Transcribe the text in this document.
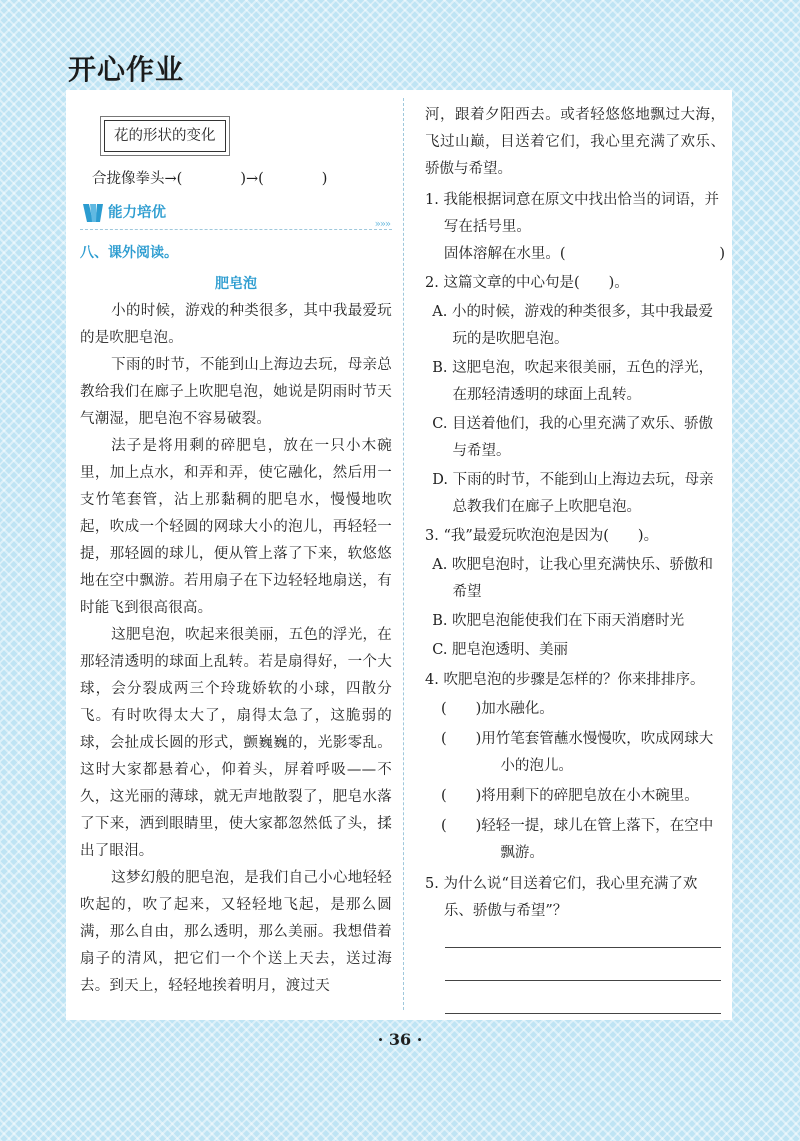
开心作业
花的形状的变化
合拢像拳头→(	)→(	)
能力培优
»»»
八、课外阅读。
肥皂泡

小的时候，游戏的种类很多，其中我最爱玩的是吹肥皂泡。

下雨的时节，不能到山上海边去玩，母亲总教给我们在廊子上吹肥皂泡，她说是阴雨时节天气潮湿，肥皂泡不容易破裂。

法子是将用剩的碎肥皂，放在一只小木碗里，加上点水，和弄和弄，使它融化，然后用一支竹笔套管，沾上那黏稠的肥皂水，慢慢地吹起，吹成一个轻圆的网球大小的泡儿，再轻轻一提，那轻圆的球儿，便从管上落了下来，软悠悠地在空中飘游。若用扇子在下边轻轻地扇送，有时能飞到很高很高。

这肥皂泡，吹起来很美丽，五色的浮光，在那轻清透明的球面上乱转。若是扇得好，一个大球，会分裂成两三个玲珑娇软的小球，四散分飞。有时吹得太大了，扇得太急了，这脆弱的球，会扯成长圆的形式，颤巍巍的，光影零乱。这时大家都悬着心，仰着头，屏着呼吸——不久，这光丽的薄球，就无声地散裂了，肥皂水落了下来，洒到眼睛里，使大家都忽然低了头，揉出了眼泪。

这梦幻般的肥皂泡，是我们自己小心地轻轻吹起的，吹了起来，又轻轻地飞起，是那么圆满，那么自由，那么透明，那么美丽。我想借着扇子的清风，把它们一个个送上天去，送过海去。到天上，轻轻地挨着明月，渡过天

河，跟着夕阳西去。或者轻悠悠地飘过大海，飞过山巅，目送着它们，我心里充满了欢乐、骄傲与希望。

1. 我能根据词意在原文中找出恰当的词语，并写在括号里。

固体溶解在水里。(	)

2. 这篇文章的中心句是(　　)。

A. 小的时候，游戏的种类很多，其中我最爱玩的是吹肥皂泡。

B. 这肥皂泡，吹起来很美丽，五色的浮光，在那轻清透明的球面上乱转。

C. 目送着他们，我的心里充满了欢乐、骄傲与希望。

D. 下雨的时节，不能到山上海边去玩，母亲总教我们在廊子上吹肥皂泡。

3. “我”最爱玩吹泡泡是因为(　　)。

A. 吹肥皂泡时，让我心里充满快乐、骄傲和希望

B. 吹肥皂泡能使我们在下雨天消磨时光

C. 肥皂泡透明、美丽

4. 吹肥皂泡的步骤是怎样的？你来排排序。

(　　)加水融化。

(　　)用竹笔套管蘸水慢慢吹，吹成网球大小的泡儿。

(　　)将用剩下的碎肥皂放在小木碗里。

(　　)轻轻一提，球儿在管上落下，在空中飘游。

5. 为什么说“目送着它们，我心里充满了欢乐、骄傲与希望”？

· 36 ·
